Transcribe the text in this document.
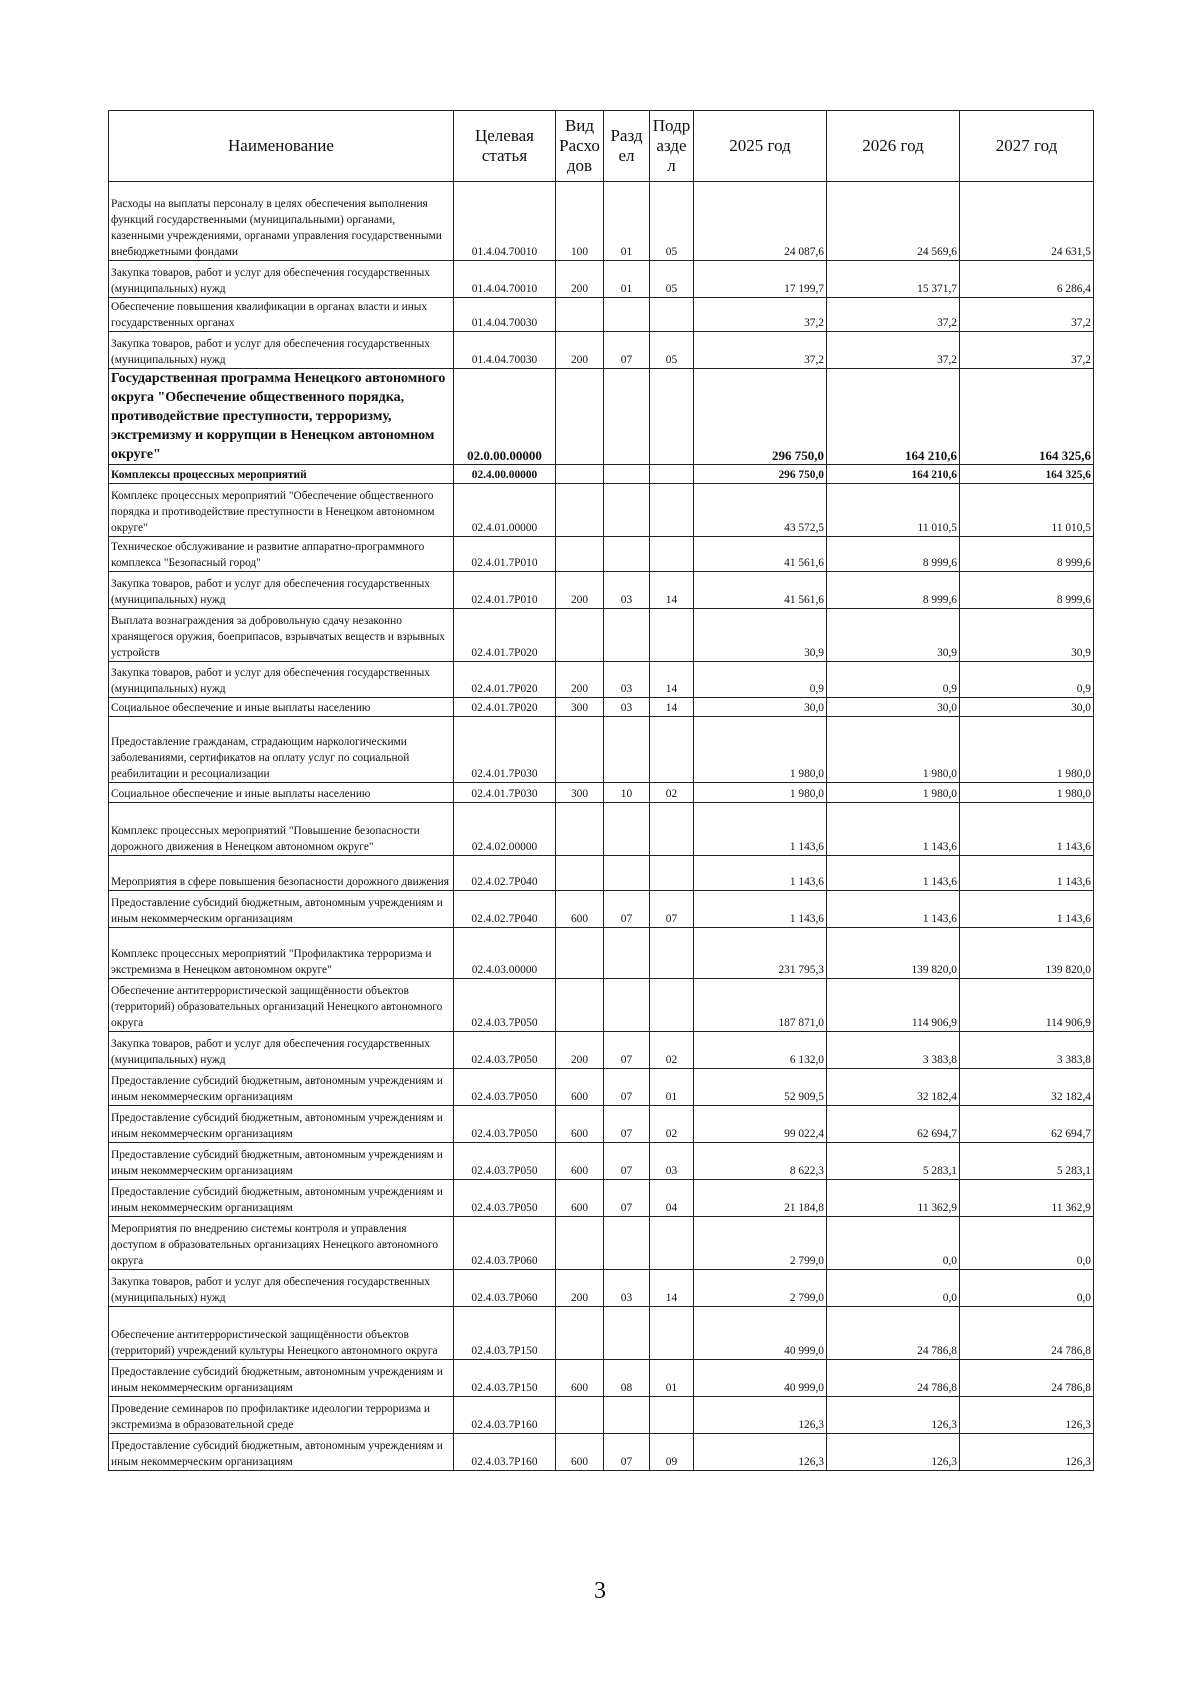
Наименование	Целевая статья	Вид Расхо дов	Разд ел	Подр азде л	2025 год	2026 год	2027 год
Расходы на выплаты персоналу в целях обеспечения выполнения функций государственными (муниципальными) органами, казенными учреждениями, органами управления государственными внебюджетными фондами	01.4.04.70010	100	01	05	24 087,6	24 569,6	24 631,5
Закупка товаров, работ и услуг для обеспечения государственных (муниципальных) нужд	01.4.04.70010	200	01	05	17 199,7	15 371,7	6 286,4
Обеспечение повышения квалификации в органах власти и иных государственных органах	01.4.04.70030				37,2	37,2	37,2
Закупка товаров, работ и услуг для обеспечения государственных (муниципальных) нужд	01.4.04.70030	200	07	05	37,2	37,2	37,2
Государственная программа Ненецкого автономного округа "Обеспечение общественного порядка, противодействие преступности, терроризму, экстремизму и коррупции в Ненецком автономном округе"	02.0.00.00000				296 750,0	164 210,6	164 325,6
Комплексы процессных мероприятий	02.4.00.00000				296 750,0	164 210,6	164 325,6
Комплекс процессных мероприятий "Обеспечение общественного порядка и противодействие преступности в Ненецком автономном округе"	02.4.01.00000				43 572,5	11 010,5	11 010,5
Техническое обслуживание и развитие аппаратно-программного комплекса "Безопасный город"	02.4.01.7Р010				41 561,6	8 999,6	8 999,6
Закупка товаров, работ и услуг для обеспечения государственных (муниципальных) нужд	02.4.01.7Р010	200	03	14	41 561,6	8 999,6	8 999,6
Выплата вознаграждения за добровольную сдачу незаконно хранящегося оружия, боеприпасов, взрывчатых веществ и взрывных устройств	02.4.01.7Р020				30,9	30,9	30,9
Закупка товаров, работ и услуг для обеспечения государственных (муниципальных) нужд	02.4.01.7Р020	200	03	14	0,9	0,9	0,9
Социальное обеспечение и иные выплаты населению	02.4.01.7Р020	300	03	14	30,0	30,0	30,0
Предоставление гражданам, страдающим наркологическими заболеваниями, сертификатов на оплату услуг по социальной реабилитации и ресоциализации	02.4.01.7Р030				1 980,0	1 980,0	1 980,0
Социальное обеспечение и иные выплаты населению	02.4.01.7Р030	300	10	02	1 980,0	1 980,0	1 980,0
Комплекс процессных мероприятий "Повышение безопасности дорожного движения в Ненецком автономном округе"	02.4.02.00000				1 143,6	1 143,6	1 143,6
Мероприятия в сфере повышения безопасности дорожного движения	02.4.02.7Р040				1 143,6	1 143,6	1 143,6
Предоставление субсидий бюджетным, автономным учреждениям и иным некоммерческим организациям	02.4.02.7Р040	600	07	07	1 143,6	1 143,6	1 143,6
Комплекс процессных мероприятий "Профилактика терроризма и экстремизма в Ненецком автономном округе"	02.4.03.00000				231 795,3	139 820,0	139 820,0
Обеспечение антитеррористической защищённости объектов (территорий) образовательных организаций Ненецкого автономного округа	02.4.03.7Р050				187 871,0	114 906,9	114 906,9
Закупка товаров, работ и услуг для обеспечения государственных (муниципальных) нужд	02.4.03.7Р050	200	07	02	6 132,0	3 383,8	3 383,8
Предоставление субсидий бюджетным, автономным учреждениям и иным некоммерческим организациям	02.4.03.7Р050	600	07	01	52 909,5	32 182,4	32 182,4
Предоставление субсидий бюджетным, автономным учреждениям и иным некоммерческим организациям	02.4.03.7Р050	600	07	02	99 022,4	62 694,7	62 694,7
Предоставление субсидий бюджетным, автономным учреждениям и иным некоммерческим организациям	02.4.03.7Р050	600	07	03	8 622,3	5 283,1	5 283,1
Предоставление субсидий бюджетным, автономным учреждениям и иным некоммерческим организациям	02.4.03.7Р050	600	07	04	21 184,8	11 362,9	11 362,9
Мероприятия по внедрению системы контроля и управления доступом в образовательных организациях Ненецкого автономного округа	02.4.03.7Р060				2 799,0	0,0	0,0
Закупка товаров, работ и услуг для обеспечения государственных (муниципальных) нужд	02.4.03.7Р060	200	03	14	2 799,0	0,0	0,0
Обеспечение антитеррористической защищённости объектов (территорий) учреждений культуры Ненецкого автономного округа	02.4.03.7Р150				40 999,0	24 786,8	24 786,8
Предоставление субсидий бюджетным, автономным учреждениям и иным некоммерческим организациям	02.4.03.7Р150	600	08	01	40 999,0	24 786,8	24 786,8
Проведение семинаров по профилактике идеологии терроризма и экстремизма в образовательной среде	02.4.03.7Р160				126,3	126,3	126,3
Предоставление субсидий бюджетным, автономным учреждениям и иным некоммерческим организациям	02.4.03.7Р160	600	07	09	126,3	126,3	126,3
3
